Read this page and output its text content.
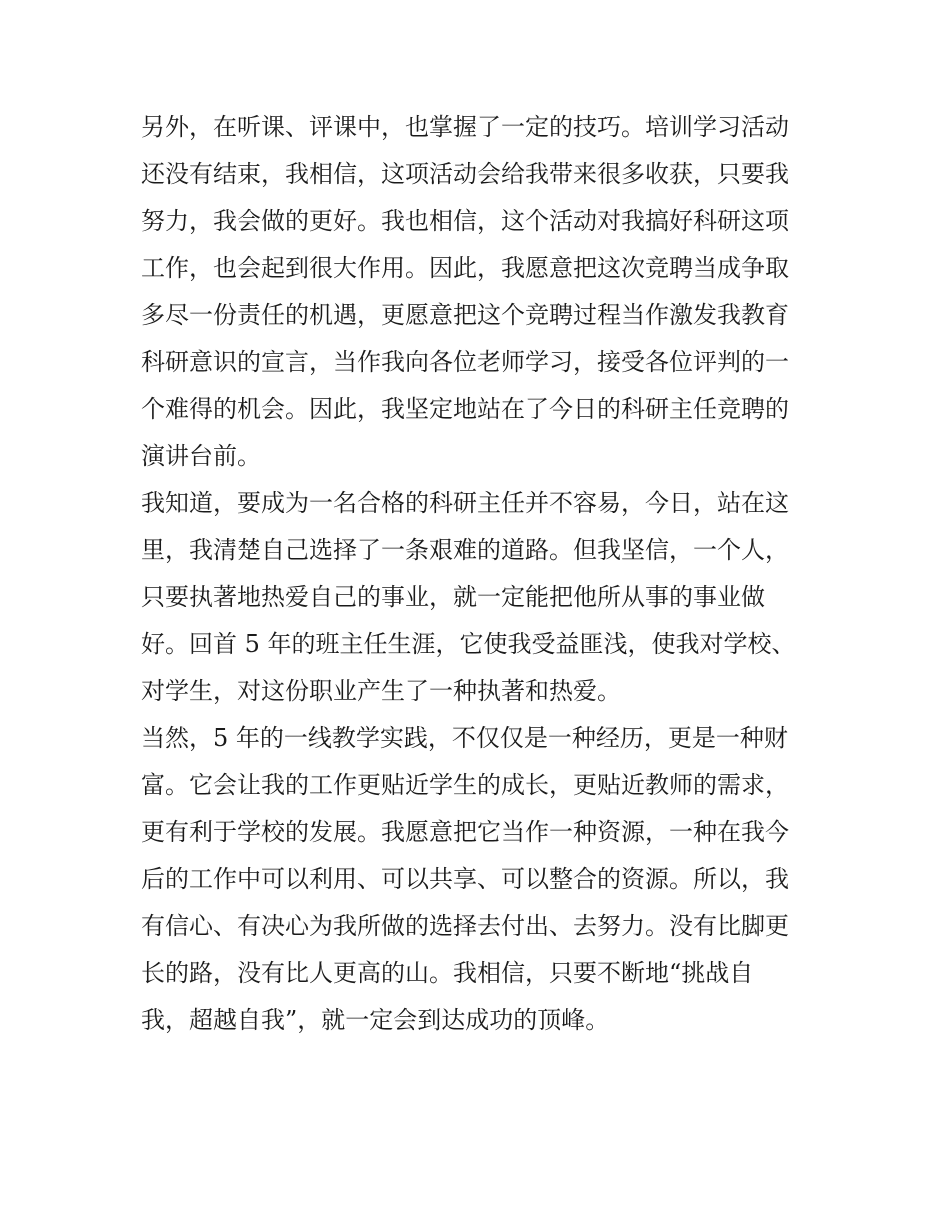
另外，在听课、评课中，也掌握了一定的技巧。培训学习活动
还没有结束，我相信，这项活动会给我带来很多收获，只要我
努力，我会做的更好。我也相信，这个活动对我搞好科研这项
工作，也会起到很大作用。因此，我愿意把这次竞聘当成争取
多尽一份责任的机遇，更愿意把这个竞聘过程当作激发我教育
科研意识的宣言，当作我向各位老师学习，接受各位评判的一
个难得的机会。因此，我坚定地站在了今日的科研主任竞聘的
演讲台前。
我知道，要成为一名合格的科研主任并不容易，今日，站在这
里，我清楚自己选择了一条艰难的道路。但我坚信，一个人，
只要执著地热爱自己的事业，就一定能把他所从事的事业做
好。回首 5 年的班主任生涯，它使我受益匪浅，使我对学校、
对学生，对这份职业产生了一种执著和热爱。
当然，5 年的一线教学实践，不仅仅是一种经历，更是一种财
富。它会让我的工作更贴近学生的成长，更贴近教师的需求，
更有利于学校的发展。我愿意把它当作一种资源，一种在我今
后的工作中可以利用、可以共享、可以整合的资源。所以，我
有信心、有决心为我所做的选择去付出、去努力。没有比脚更
长的路，没有比人更高的山。我相信，只要不断地“挑战自
我，超越自我”，就一定会到达成功的顶峰。
